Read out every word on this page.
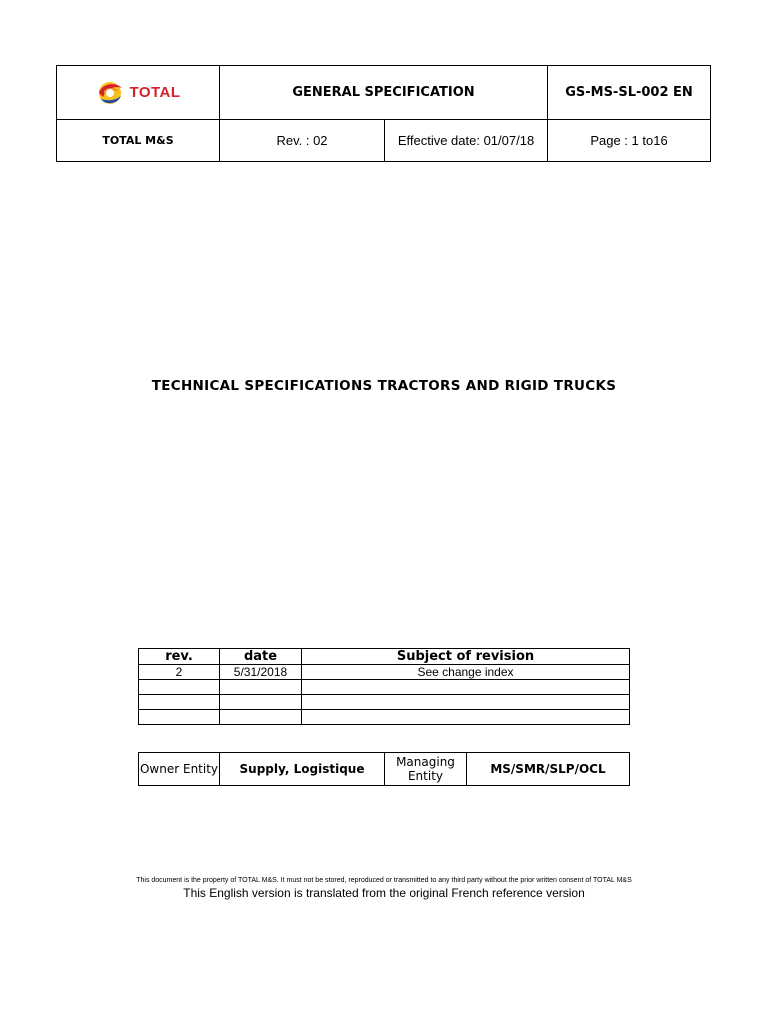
TOTAL	GENERAL SPECIFICATION		GS-MS-SL-002 EN
TOTAL M&S	Rev. : 02	Effective date: 01/07/18	Page : 1 to16
TECHNICAL SPECIFICATIONS TRACTORS AND RIGID TRUCKS
rev.	date	Subject of revision
2	5/31/2018	See change index

Owner Entity	Supply, Logistique	Managing Entity	MS/SMR/SLP/OCL
This document is the property of TOTAL M&S. It must not be stored, reproduced or transmitted to any third party without the prior written consent of TOTAL M&S
This English version is translated from the original French reference version
